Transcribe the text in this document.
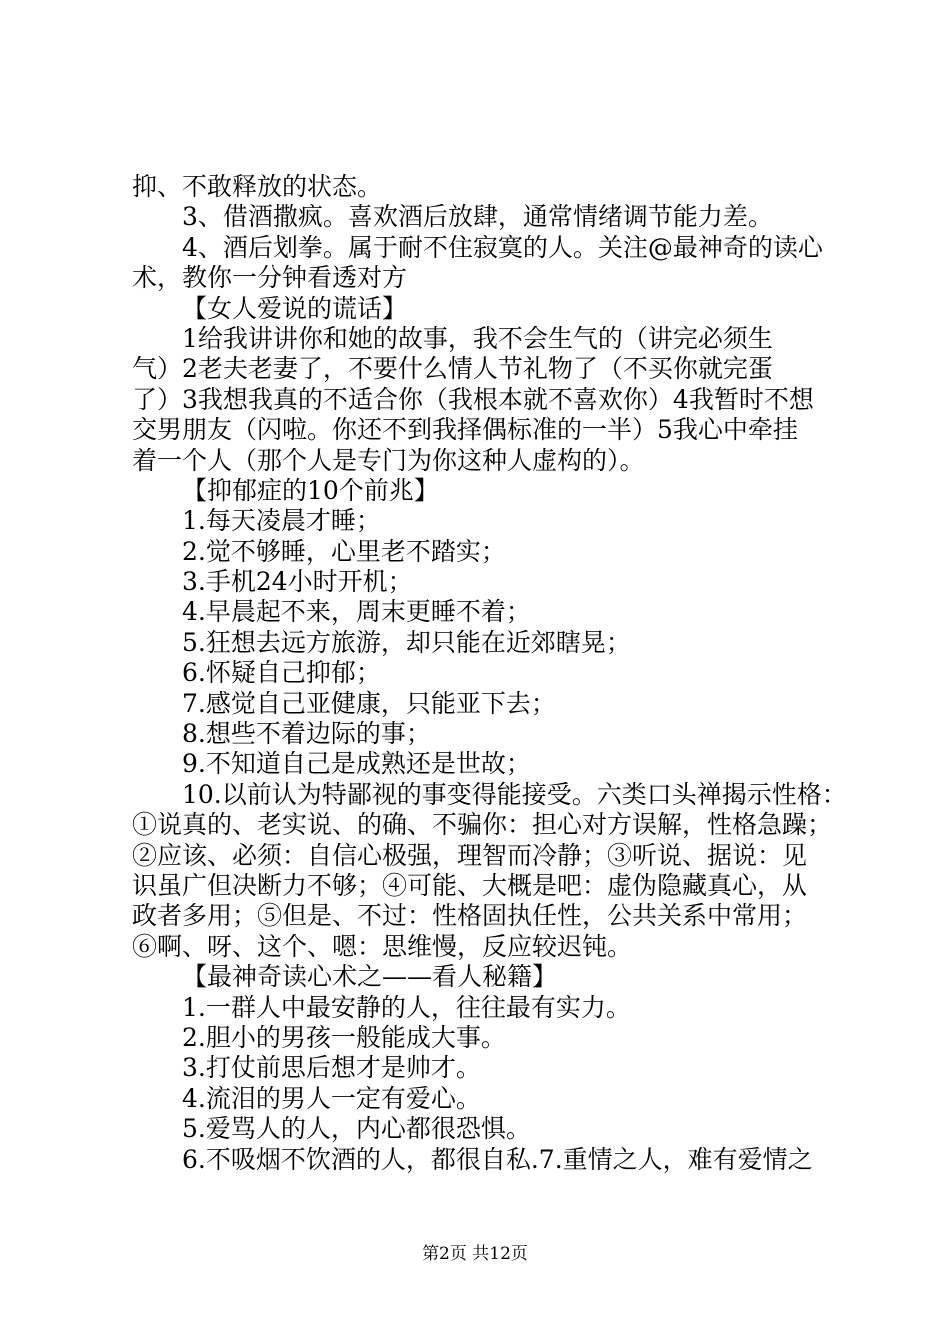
抑、不敢释放的状态。
3、借酒撒疯。喜欢酒后放肆，通常情绪调节能力差。
4、酒后划拳。属于耐不住寂寞的人。关注@最神奇的读心
术，教你一分钟看透对方
【女人爱说的谎话】
1给我讲讲你和她的故事，我不会生气的（讲完必须生
气）2老夫老妻了，不要什么情人节礼物了（不买你就完蛋
了）3我想我真的不适合你（我根本就不喜欢你）4我暂时不想
交男朋友（闪啦。你还不到我择偶标准的一半）5我心中牵挂
着一个人（那个人是专门为你这种人虚构的）。
【抑郁症的10个前兆】
1.每天凌晨才睡；
2.觉不够睡，心里老不踏实；
3.手机24小时开机；
4.早晨起不来，周末更睡不着；
5.狂想去远方旅游，却只能在近郊瞎晃；
6.怀疑自己抑郁；
7.感觉自己亚健康，只能亚下去；
8.想些不着边际的事；
9.不知道自己是成熟还是世故；
10.以前认为特鄙视的事变得能接受。六类口头禅揭示性格：
①说真的、老实说、的确、不骗你：担心对方误解，性格急躁；
②应该、必须：自信心极强，理智而冷静；③听说、据说：见
识虽广但决断力不够；④可能、大概是吧：虚伪隐藏真心，从
政者多用；⑤但是、不过：性格固执任性，公共关系中常用；
⑥啊、呀、这个、嗯：思维慢，反应较迟钝。
【最神奇读心术之——看人秘籍】
1.一群人中最安静的人，往往最有实力。
2.胆小的男孩一般能成大事。
3.打仗前思后想才是帅才。
4.流泪的男人一定有爱心。
5.爱骂人的人，内心都很恐惧。
6.不吸烟不饮酒的人，都很自私.7.重情之人，难有爱情之
第2页 共12页
